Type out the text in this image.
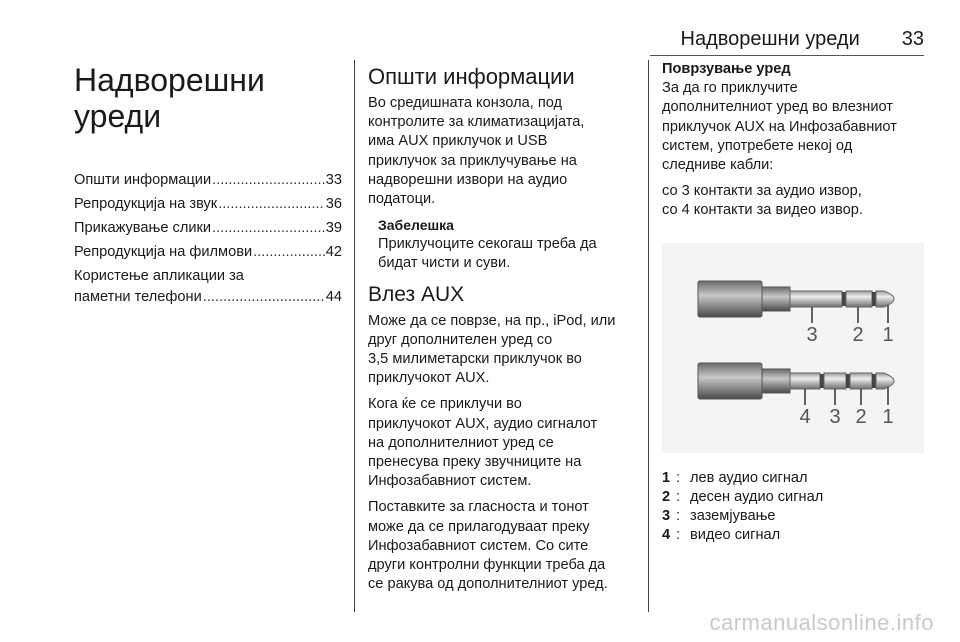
Надворешни уреди 33
Надворешни
уреди
Општи информации .....	33
Репродукција на звук .....	36
Прикажување слики .....	39
Репродукција на филмови .....	42
Користење апликации за
паметни телефони .....	44
Општи информации

Во средишната конзола, под
контролите за климатизацијата,
има AUX приклучок и USB
приклучок за приклучување на
надворешни извори на аудио
податоци.

Забелешка

Приклучоците секогаш треба да
бидат чисти и суви.

Влез AUX

Може да се поврзе, на пр., iPod, или
друг дополнителен уред со
3,5 милиметарски приклучок во
приклучокот AUX.

Кога ќе се приклучи во
приклучокот AUX, аудио сигналот
на дополнителниот уред се
пренесува преку звучниците на
Инфозабавниот систем.

Поставките за гласноста и тонот
може да се прилагодуваат преку
Инфозабавниот систем. Со сите
други контролни функции треба да
се ракува од дополнителниот уред.

Поврзување уред

За да го приклучите
дополнителниот уред во влезниот
приклучок AUX на Инфозабавниот
систем, употребете некој од
следниве кабли:

со 3 контакти за аудио извор,
со 4 контакти за видео извор.

3 2 1
4 3 2 1
1 : лев аудио сигнал
2 : десен аудио сигнал
3 : заземјување
4 : видео сигнал
carmanualsonline.info
